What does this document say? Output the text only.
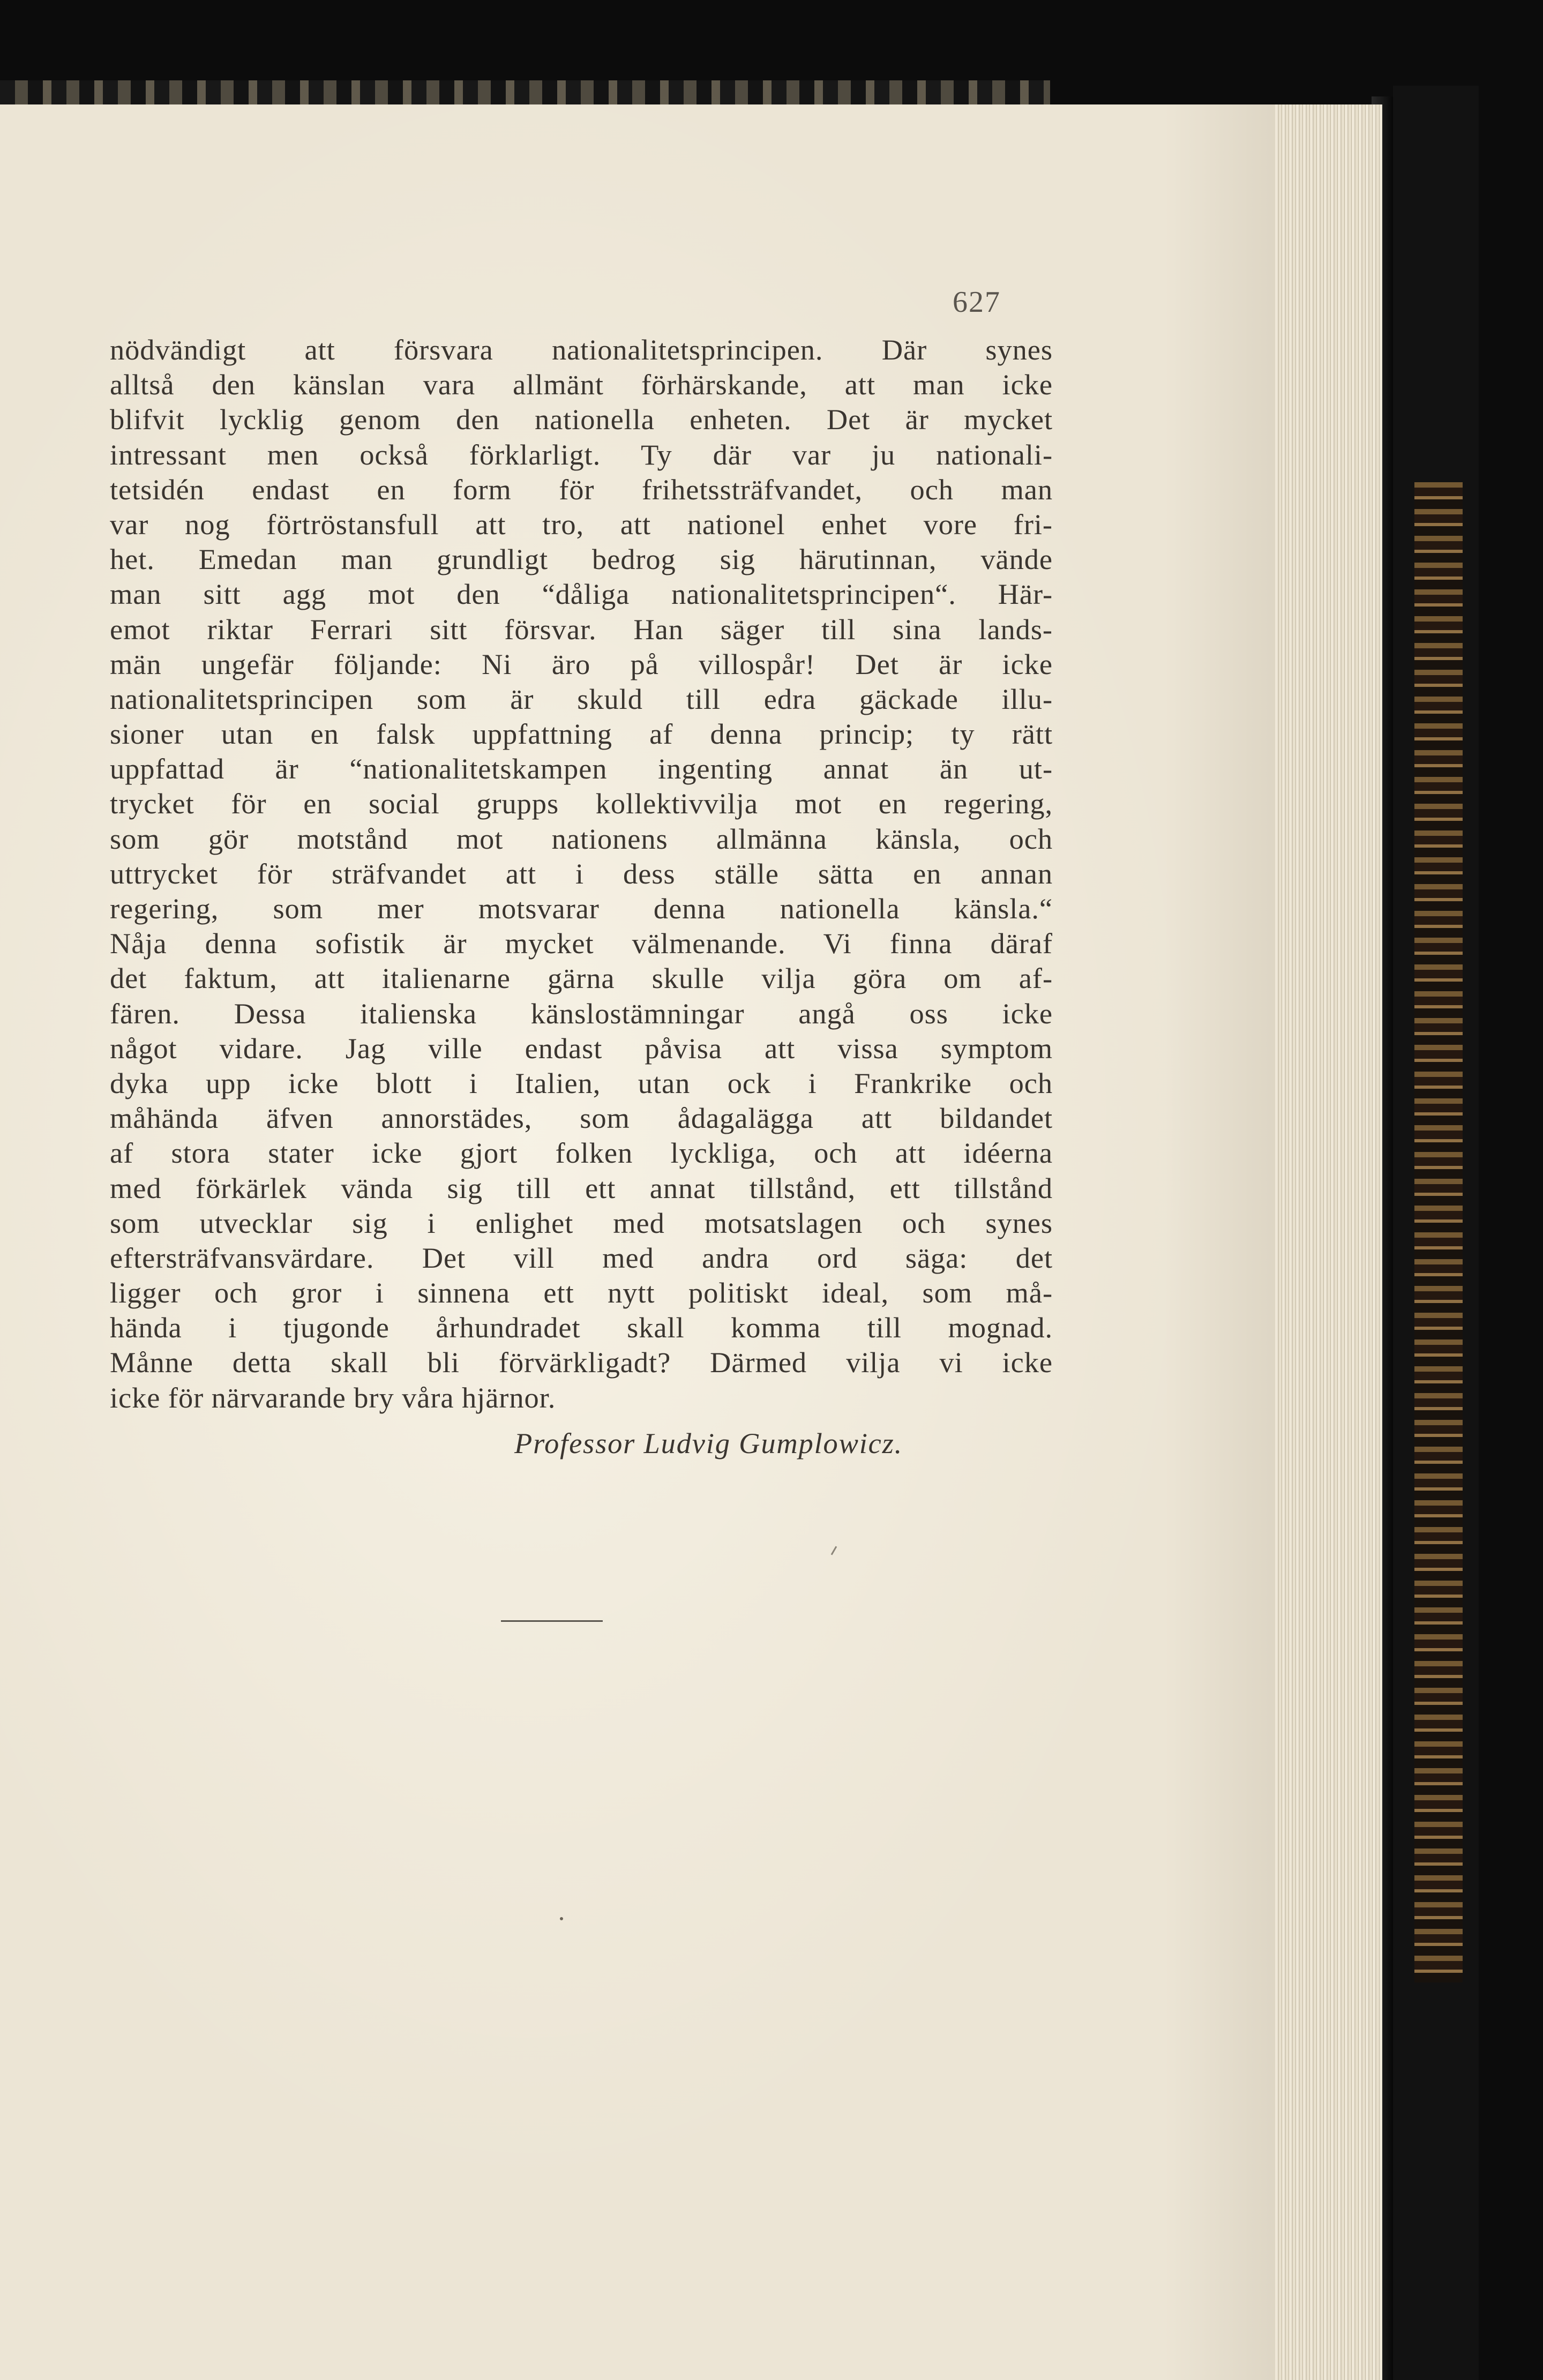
627
nödvändigt att försvara nationalitetsprincipen. Där synes
alltså den känslan vara allmänt förhärskande, att man icke
blifvit lycklig genom den nationella enheten. Det är mycket
intressant men också förklarligt. Ty där var ju nationali-
tetsidén endast en form för frihetssträfvandet, och man
var nog förtröstansfull att tro, att nationel enhet vore fri-
het. Emedan man grundligt bedrog sig härutinnan, vände
man sitt agg mot den “dåliga nationalitetsprincipen“. Här-
emot riktar Ferrari sitt försvar. Han säger till sina lands-
män ungefär följande: Ni äro på villospår! Det är icke
nationalitetsprincipen som är skuld till edra gäckade illu-
sioner utan en falsk uppfattning af denna princip; ty rätt
uppfattad är “nationalitetskampen ingenting annat än ut-
trycket för en social grupps kollektivvilja mot en regering,
som gör motstånd mot nationens allmänna känsla, och
uttrycket för sträfvandet att i dess ställe sätta en annan
regering, som mer motsvarar denna nationella känsla.“
Nåja denna sofistik är mycket välmenande. Vi finna däraf
det faktum, att italienarne gärna skulle vilja göra om af-
fären. Dessa italienska känslostämningar angå oss icke
något vidare. Jag ville endast påvisa att vissa symptom
dyka upp icke blott i Italien, utan ock i Frankrike och
måhända äfven annorstädes, som ådagalägga att bildandet
af stora stater icke gjort folken lyckliga, och att idéerna
med förkärlek vända sig till ett annat tillstånd, ett tillstånd
som utvecklar sig i enlighet med motsatslagen och synes
eftersträfvansvärdare. Det vill med andra ord säga: det
ligger och gror i sinnena ett nytt politiskt ideal, som må-
hända i tjugonde århundradet skall komma till mognad.
Månne detta skall bli förvärkligadt? Därmed vilja vi icke
icke för närvarande bry våra hjärnor.
Professor Ludvig Gumplowicz.
